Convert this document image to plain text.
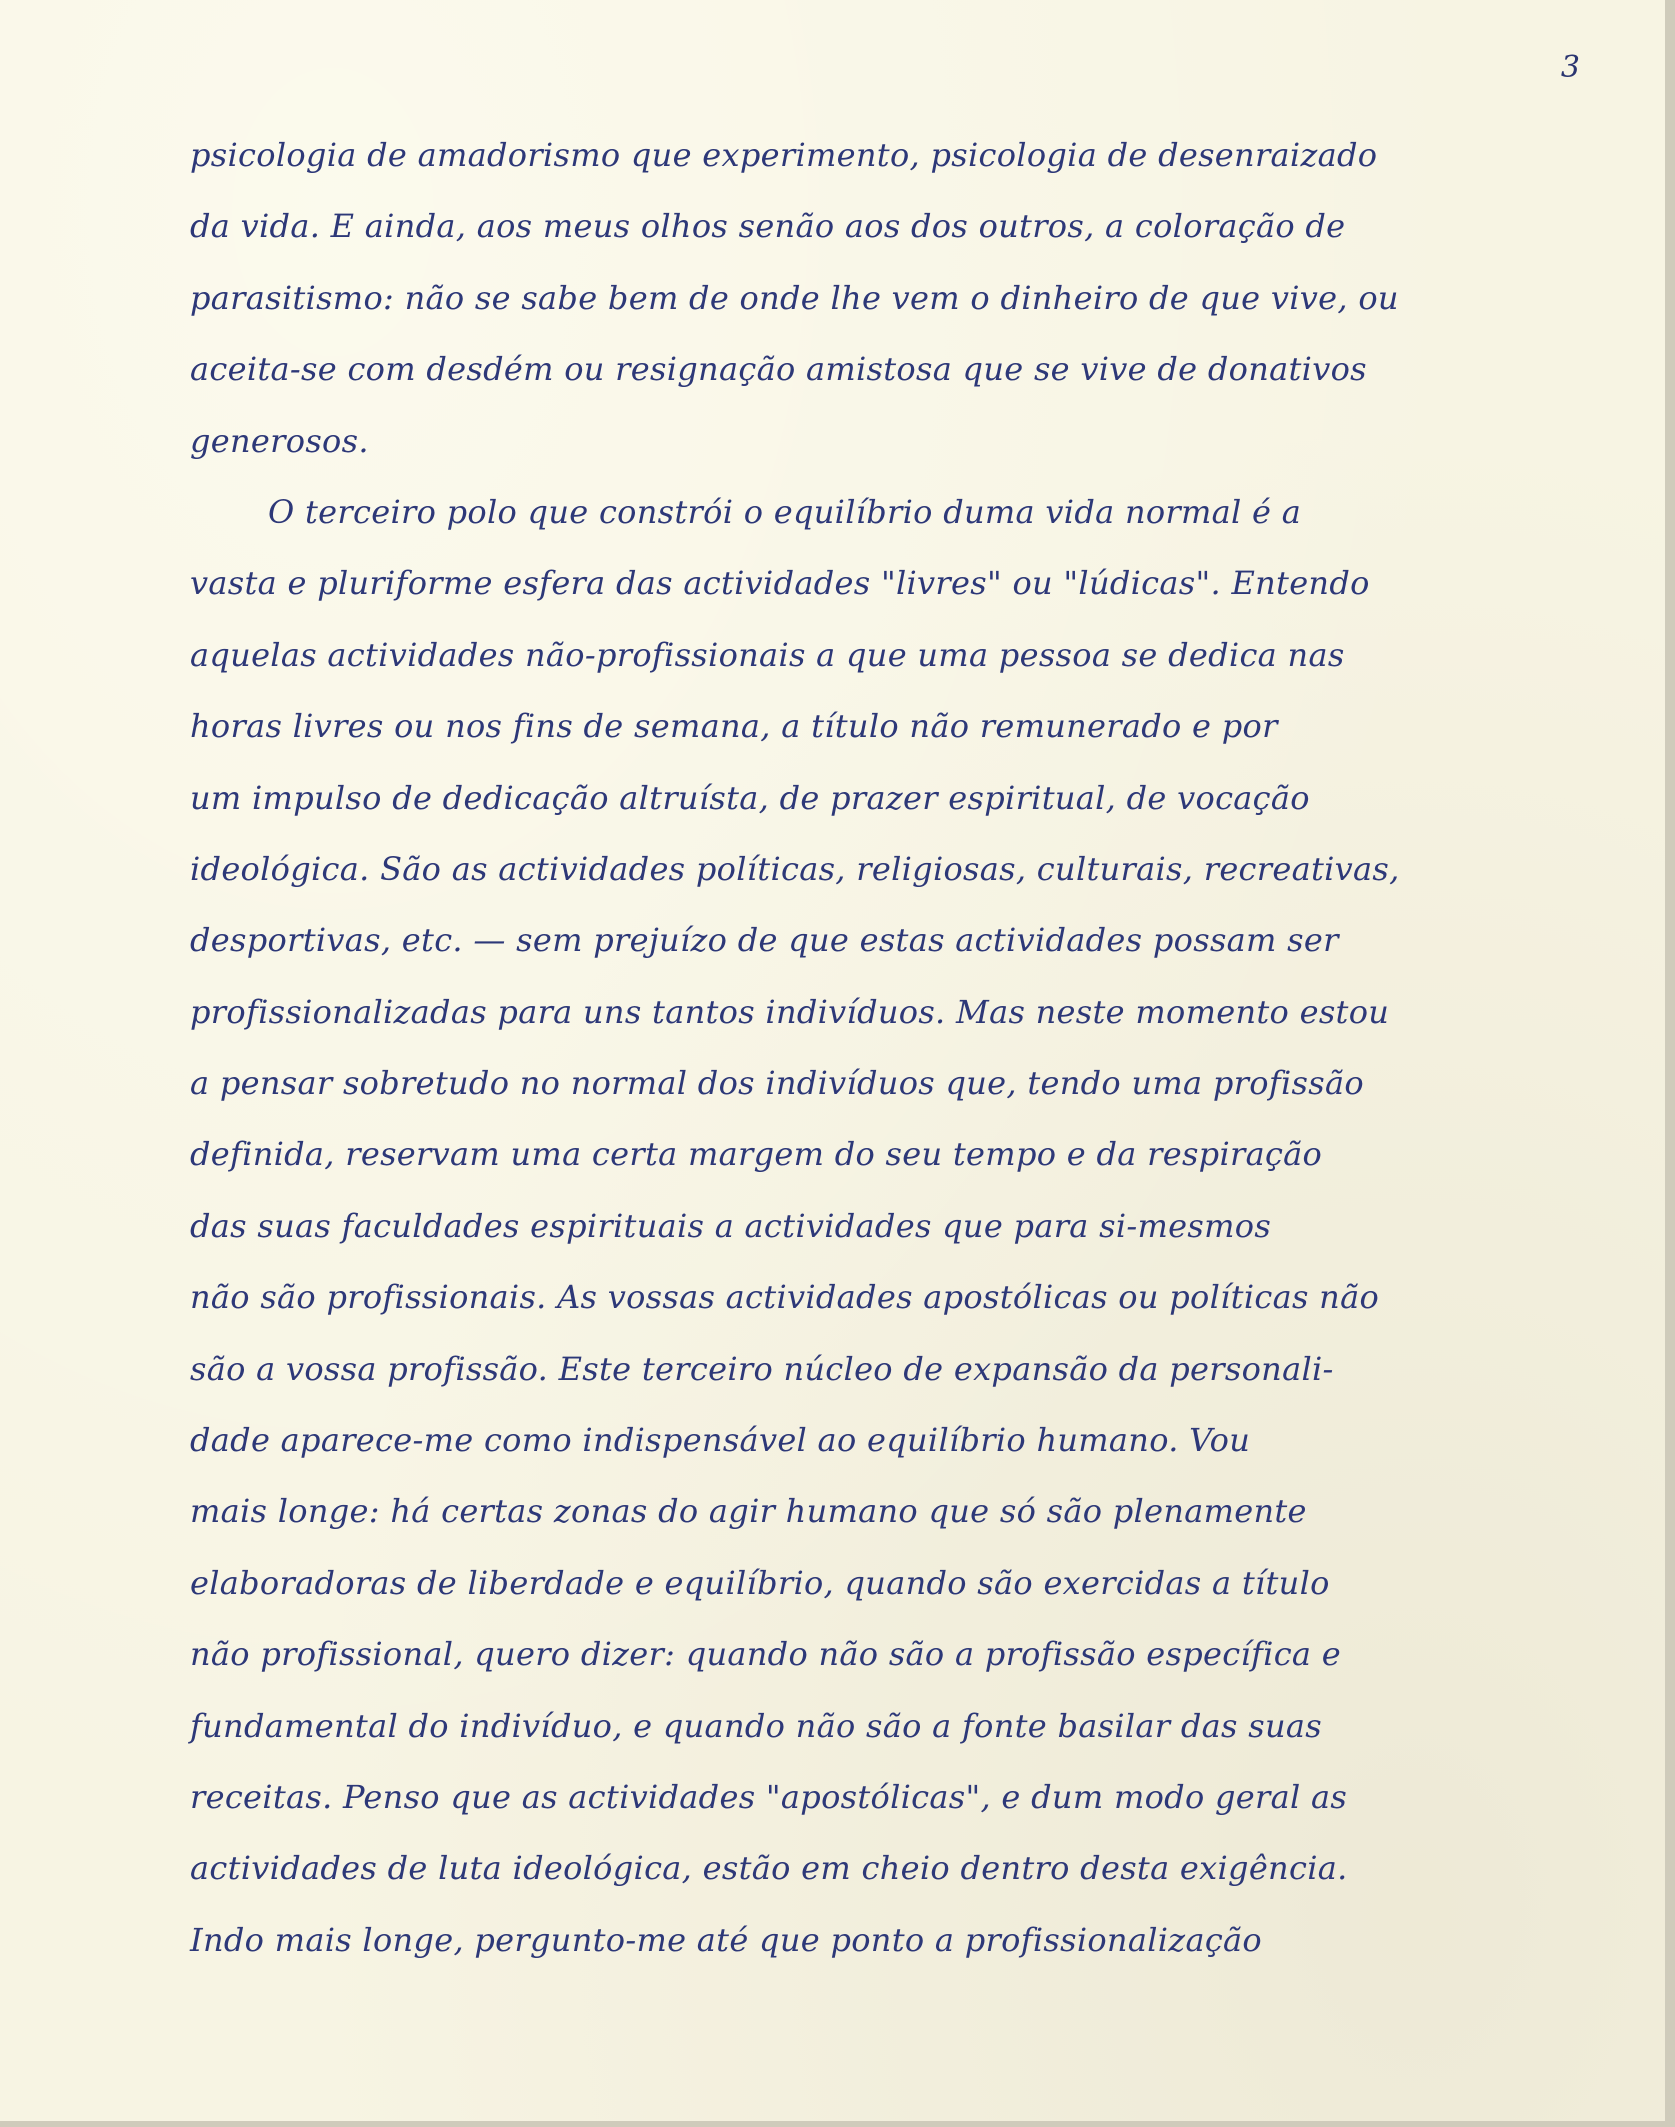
3

psicologia de amadorismo que experimento, psicologia de desenraizado
da vida. E ainda, aos meus olhos senão aos dos outros, a coloração de
parasitismo: não se sabe bem de onde lhe vem o dinheiro de que vive, ou
aceita-se com desdém ou resignação amistosa que se vive de donativos
generosos.
O terceiro polo que constrói o equilíbrio duma vida normal é a
vasta e pluriforme esfera das actividades "livres" ou "lúdicas". Entendo
aquelas actividades não-profissionais a que uma pessoa se dedica nas
horas livres ou nos fins de semana, a título não remunerado e por
um impulso de dedicação altruísta, de prazer espiritual, de vocação
ideológica. São as actividades políticas, religiosas, culturais, recreativas,
desportivas, etc. — sem prejuízo de que estas actividades possam ser
profissionalizadas para uns tantos indivíduos. Mas neste momento estou
a pensar sobretudo no normal dos indivíduos que, tendo uma profissão
definida, reservam uma certa margem do seu tempo e da respiração
das suas faculdades espirituais a actividades que para si-mesmos
não são profissionais. As vossas actividades apostólicas ou políticas não
são a vossa profissão. Este terceiro núcleo de expansão da personali-
dade aparece-me como indispensável ao equilíbrio humano. Vou
mais longe: há certas zonas do agir humano que só são plenamente
elaboradoras de liberdade e equilíbrio, quando são exercidas a título
não profissional, quero dizer: quando não são a profissão específica e
fundamental do indivíduo, e quando não são a fonte basilar das suas
receitas. Penso que as actividades "apostólicas", e dum modo geral as
actividades de luta ideológica, estão em cheio dentro desta exigência.
Indo mais longe, pergunto-me até que ponto a profissionalização
